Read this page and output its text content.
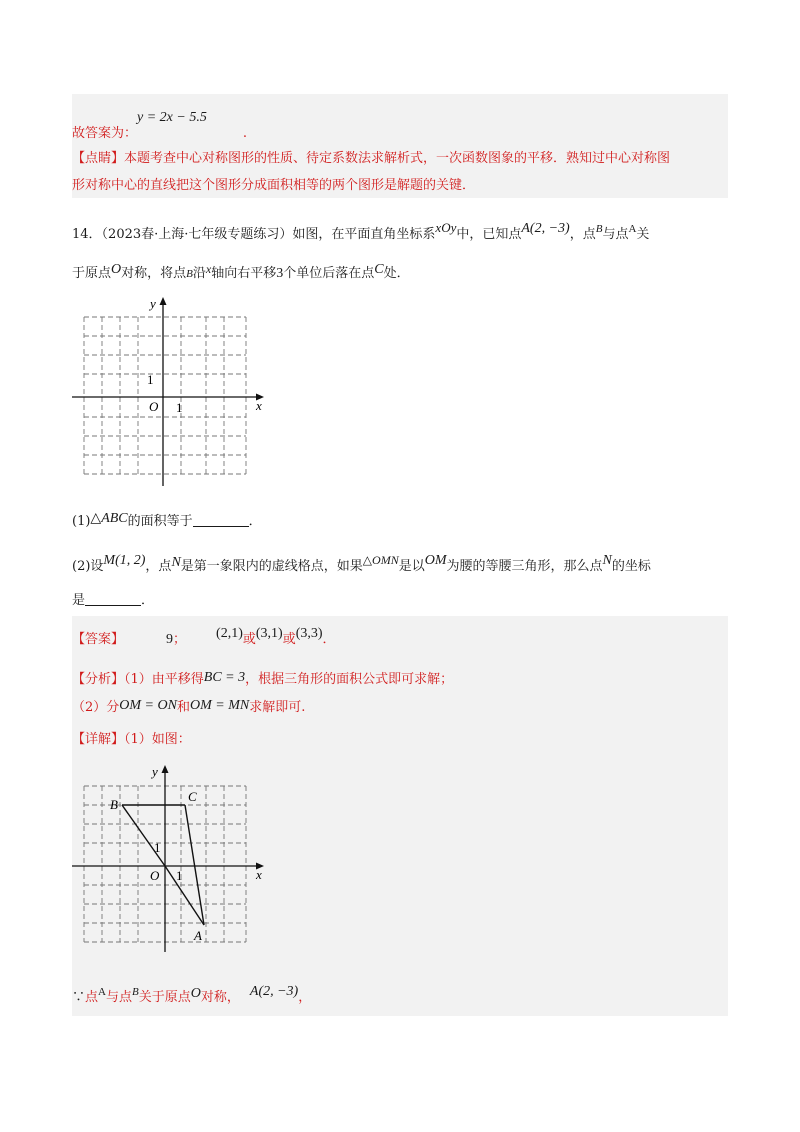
故答案为：y = 2x − 5.5.
【点睛】本题考查中心对称图形的性质、待定系数法求解析式，一次函数图象的平移．熟知过中心对称图
形对称中心的直线把这个图形分成面积相等的两个图形是解题的关键．
14．（2023春·上海·七年级专题练习）如图，在平面直角坐标系xOy中，已知点A(2, −3)，点$^B$与点$^A$关
于原点O对称，将点B沿x轴向右平移3个单位后落在点C处．
y
x
O 1
1
(1)△ABC的面积等于	．
(2)设M(1, 2)，点N是第一象限内的虚线格点，如果△OMN是以OM为腰的等腰三角形，那么点N的坐标
是	．
【答案】	9； (2,1)或(3,1)或(3,3)．
【分析】（1）由平移得BC = 3，根据三角形的面积公式即可求解；
（2）分OM = ON和OM = MN求解即可.
【详解】（1）如图：
y
x
O 1
1
B
C
A
∵点$^A$与点$^B$关于原点O对称， A(2, −3)，
